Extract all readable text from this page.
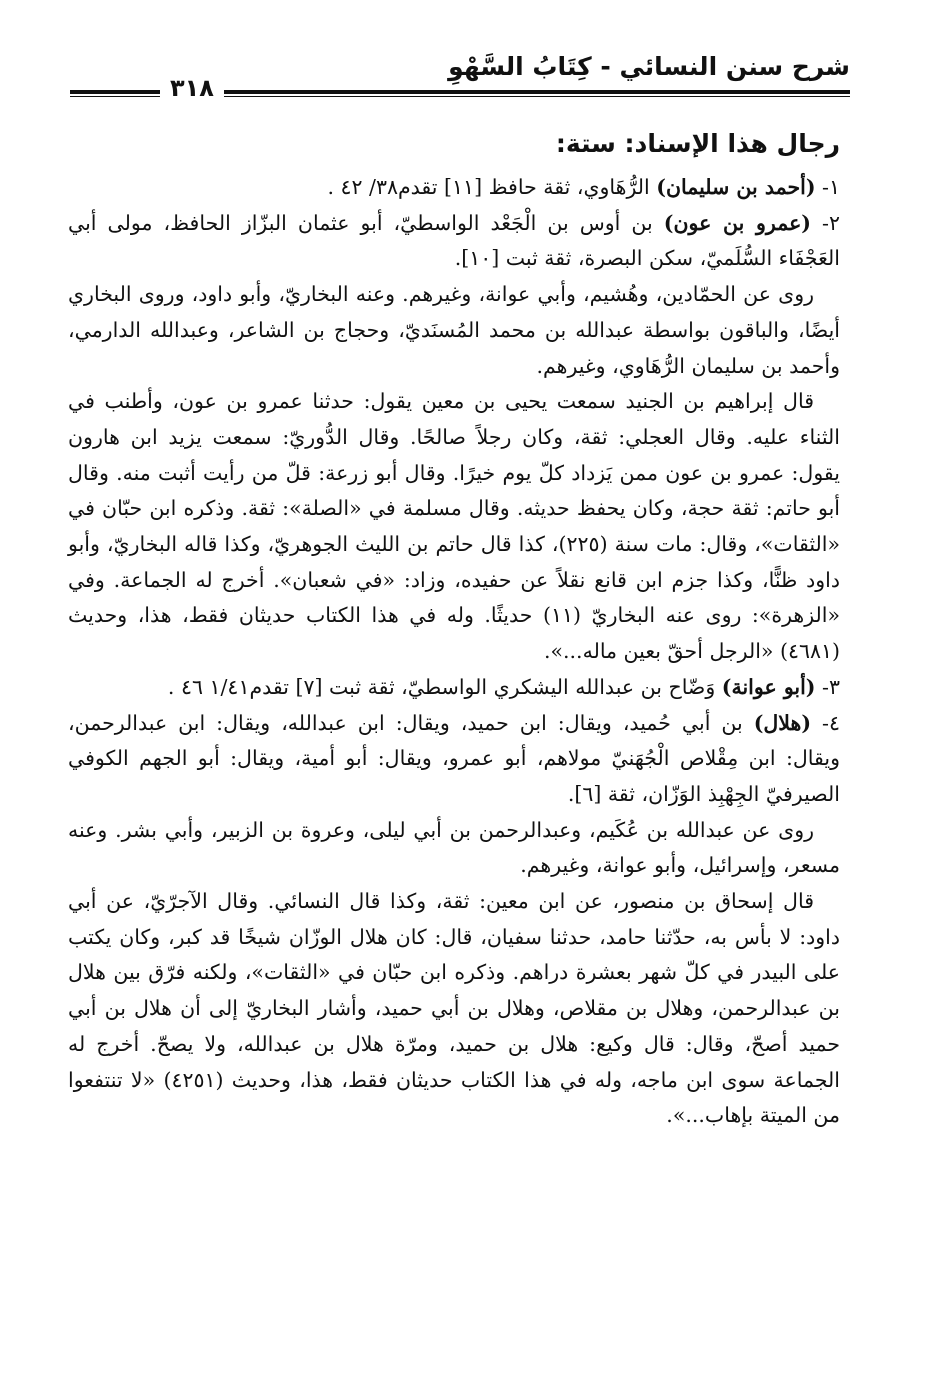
شرح سنن النسائي - كِتَابُ السَّهْوِ
٣١٨

رجال هذا الإسناد: ستة:

١- (أحمد بن سليمان) الرُّهَاوي، ثقة حافظ [١١] تقدم٣٨/ ٤٢ .

٢- (عمرو بن عون) بن أوس بن الْجَعْد الواسطيّ، أبو عثمان البزّاز الحافظ، مولى أبي العَجْفَاء السُّلَميّ، سكن البصرة، ثقة ثبت [١٠].

روى عن الحمّادين، وهُشيم، وأبي عوانة، وغيرهم. وعنه البخاريّ، وأبو داود، وروى البخاري أيضًا، والباقون بواسطة عبدالله بن محمد المُسنَديّ، وحجاج بن الشاعر، وعبدالله الدارمي، وأحمد بن سليمان الرُّهَاوي، وغيرهم.

قال إبراهيم بن الجنيد سمعت يحيى بن معين يقول: حدثنا عمرو بن عون، وأطنب في الثناء عليه. وقال العجلي: ثقة، وكان رجلاً صالحًا. وقال الدُّوريّ: سمعت يزيد ابن هارون يقول: عمرو بن عون ممن يَزداد كلّ يوم خيرًا. وقال أبو زرعة: قلّ من رأيت أثبت منه. وقال أبو حاتم: ثقة حجة، وكان يحفظ حديثه. وقال مسلمة في «الصلة»: ثقة. وذكره ابن حبّان في «الثقات»، وقال: مات سنة (٢٢٥)، كذا قال حاتم بن الليث الجوهريّ، وكذا قاله البخاريّ، وأبو داود ظنًّا، وكذا جزم ابن قانع نقلاً عن حفيده، وزاد: «في شعبان». أخرج له الجماعة. وفي «الزهرة»: روى عنه البخاريّ (١١) حديثًا. وله في هذا الكتاب حديثان فقط، هذا، وحديث (٤٦٨١) «الرجل أحقّ بعين ماله...».

٣- (أبو عوانة) وَضّاح بن عبدالله اليشكري الواسطيّ، ثقة ثبت [٧] تقدم١/٤١ ٤٦ .

٤- (هلال) بن أبي حُميد، ويقال: ابن حميد، ويقال: ابن عبدالله، ويقال: ابن عبدالرحمن، ويقال: ابن مِقْلاص الْجُهَنيّ مولاهم، أبو عمرو، ويقال: أبو أمية، ويقال: أبو الجهم الكوفي الصيرفيّ الجِهْبِذ الوَزّان، ثقة [٦].

روى عن عبدالله بن عُكَيم، وعبدالرحمن بن أبي ليلى، وعروة بن الزبير، وأبي بشر. وعنه مسعر، وإسرائيل، وأبو عوانة، وغيرهم.

قال إسحاق بن منصور، عن ابن معين: ثقة، وكذا قال النسائي. وقال الآجرّيّ، عن أبي داود: لا بأس به، حدّثنا حامد، حدثنا سفيان، قال: كان هلال الوزّان شيخًا قد كبر، وكان يكتب على البيدر في كلّ شهر بعشرة دراهم. وذكره ابن حبّان في «الثقات»، ولكنه فرّق بين هلال بن عبدالرحمن، وهلال بن مقلاص، وهلال بن أبي حميد، وأشار البخاريّ إلى أن هلال بن أبي حميد أصحّ، وقال: قال وكيع: هلال بن حميد، ومرّة هلال بن عبدالله، ولا يصحّ. أخرج له الجماعة سوى ابن ماجه، وله في هذا الكتاب حديثان فقط، هذا، وحديث (٤٢٥١) «لا تنتفعوا من الميتة بإهاب...».
